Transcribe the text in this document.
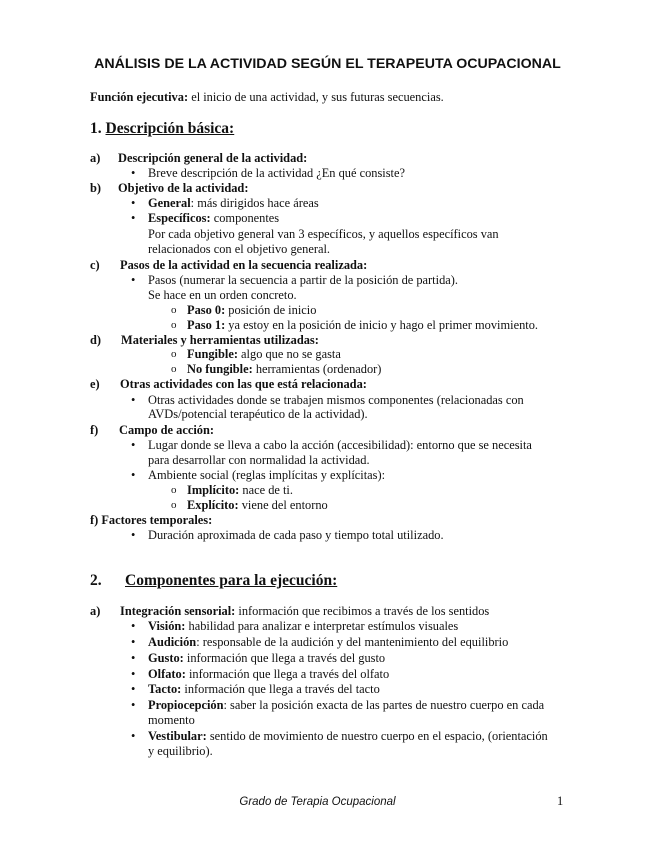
ANÁLISIS DE LA ACTIVIDAD SEGÚN EL TERAPEUTA OCUPACIONAL
Función ejecutiva: el inicio de una actividad, y sus futuras secuencias.
1. Descripción básica:
a) Descripción general de la actividad:
• Breve descripción de la actividad ¿En qué consiste?
b) Objetivo de la actividad:
• General: más dirigidos hace áreas
• Específicos: componentes
Por cada objetivo general van 3 específicos, y aquellos específicos van
relacionados con el objetivo general.
c) Pasos de la actividad en la secuencia realizada:
• Pasos (numerar la secuencia a partir de la posición de partida).
Se hace en un orden concreto.
o Paso 0: posición de inicio
o Paso 1: ya estoy en la posición de inicio y hago el primer movimiento.
d) Materiales y herramientas utilizadas:
o Fungible: algo que no se gasta
o No fungible: herramientas (ordenador)
e) Otras actividades con las que está relacionada:
• Otras actividades donde se trabajen mismos componentes (relacionadas con
AVDs/potencial terapéutico de la actividad).
f) Campo de acción:
• Lugar donde se lleva a cabo la acción (accesibilidad): entorno que se necesita
para desarrollar con normalidad la actividad.
• Ambiente social (reglas implícitas y explícitas):
o Implícito: nace de ti.
o Explícito: viene del entorno
f) Factores temporales:
• Duración aproximada de cada paso y tiempo total utilizado.
2. Componentes para la ejecución:
a) Integración sensorial: información que recibimos a través de los sentidos
• Visión: habilidad para analizar e interpretar estímulos visuales
• Audición: responsable de la audición y del mantenimiento del equilibrio
• Gusto: información que llega a través del gusto
• Olfato: información que llega a través del olfato
• Tacto: información que llega a través del tacto
• Propiocepción: saber la posición exacta de las partes de nuestro cuerpo en cada
momento
• Vestibular: sentido de movimiento de nuestro cuerpo en el espacio, (orientación
y equilibrio).
Grado de Terapia Ocupacional	1
